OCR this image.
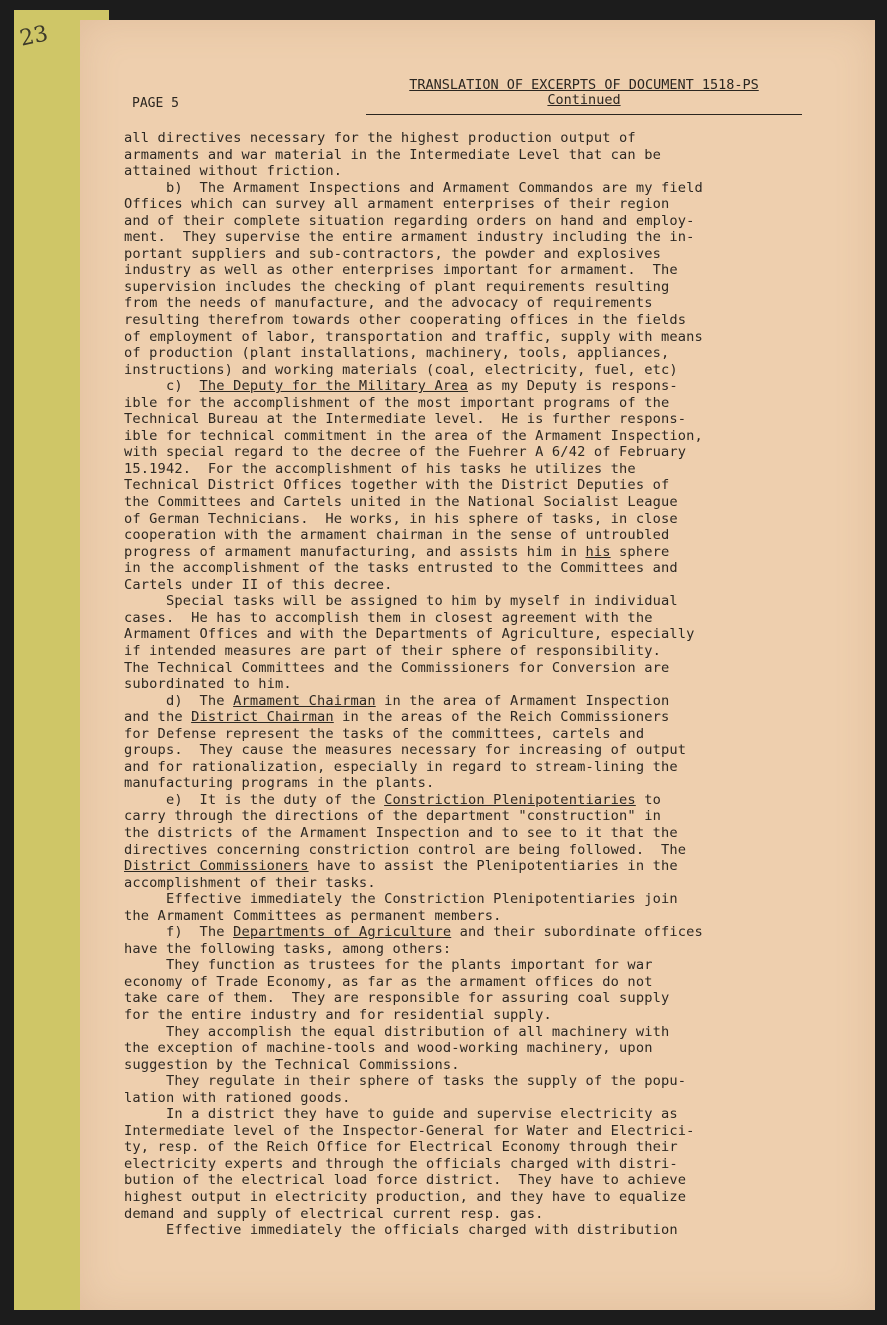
23
PAGE 5
TRANSLATION OF EXCERPTS OF DOCUMENT 1518-PS
Continued
all directives necessary for the highest production output of
armaments and war material in the Intermediate Level that can be
attained without friction.
b)  The Armament Inspections and Armament Commandos are my field
Offices which can survey all armament enterprises of their region
and of their complete situation regarding orders on hand and employ-
ment.  They supervise the entire armament industry including the in-
portant suppliers and sub-contractors, the powder and explosives
industry as well as other enterprises important for armament.  The
supervision includes the checking of plant requirements resulting
from the needs of manufacture, and the advocacy of requirements
resulting therefrom towards other cooperating offices in the fields
of employment of labor, transportation and traffic, supply with means
of production (plant installations, machinery, tools, appliances,
instructions) and working materials (coal, electricity, fuel, etc)
c)  The Deputy for the Military Area as my Deputy is respons-
ible for the accomplishment of the most important programs of the
Technical Bureau at the Intermediate level.  He is further respons-
ible for technical commitment in the area of the Armament Inspection,
with special regard to the decree of the Fuehrer A 6/42 of February
15.1942.  For the accomplishment of his tasks he utilizes the
Technical District Offices together with the District Deputies of
the Committees and Cartels united in the National Socialist League
of German Technicians.  He works, in his sphere of tasks, in close
cooperation with the armament chairman in the sense of untroubled
progress of armament manufacturing, and assists him in his sphere
in the accomplishment of the tasks entrusted to the Committees and
Cartels under II of this decree.
Special tasks will be assigned to him by myself in individual
cases.  He has to accomplish them in closest agreement with the
Armament Offices and with the Departments of Agriculture, especially
if intended measures are part of their sphere of responsibility.
The Technical Committees and the Commissioners for Conversion are
subordinated to him.
d)  The Armament Chairman in the area of Armament Inspection
and the District Chairman in the areas of the Reich Commissioners
for Defense represent the tasks of the committees, cartels and
groups.  They cause the measures necessary for increasing of output
and for rationalization, especially in regard to stream-lining the
manufacturing programs in the plants.
e)  It is the duty of the Constriction Plenipotentiaries to
carry through the directions of the department "construction" in
the districts of the Armament Inspection and to see to it that the
directives concerning constriction control are being followed.  The
District Commissioners have to assist the Plenipotentiaries in the
accomplishment of their tasks.
Effective immediately the Constriction Plenipotentiaries join
the Armament Committees as permanent members.
f)  The Departments of Agriculture and their subordinate offices
have the following tasks, among others:
They function as trustees for the plants important for war
economy of Trade Economy, as far as the armament offices do not
take care of them.  They are responsible for assuring coal supply
for the entire industry and for residential supply.
They accomplish the equal distribution of all machinery with
the exception of machine-tools and wood-working machinery, upon
suggestion by the Technical Commissions.
They regulate in their sphere of tasks the supply of the popu-
lation with rationed goods.
In a district they have to guide and supervise electricity as
Intermediate level of the Inspector-General for Water and Electrici-
ty, resp. of the Reich Office for Electrical Economy through their
electricity experts and through the officials charged with distri-
bution of the electrical load force district.  They have to achieve
highest output in electricity production, and they have to equalize
demand and supply of electrical current resp. gas.
Effective immediately the officials charged with distribution
